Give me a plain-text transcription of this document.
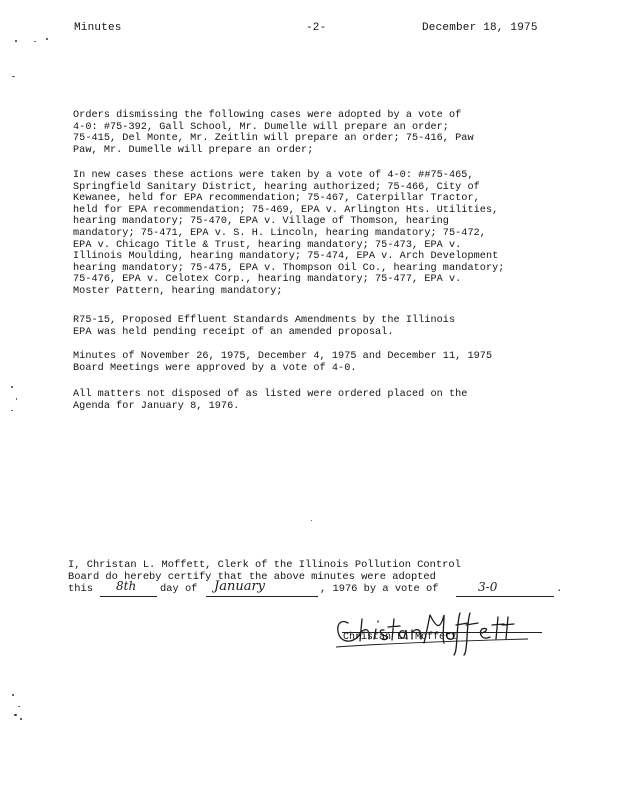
Minutes	-2-	December 18, 1975
Orders dismissing the following cases were adopted by a vote of
4-0: #75-392, Gall School, Mr. Dumelle will prepare an order;
75-415, Del Monte, Mr. Zeitlin will prepare an order; 75-416, Paw
Paw, Mr. Dumelle will prepare an order;
In new cases these actions were taken by a vote of 4-0: ##75-465,
Springfield Sanitary District, hearing authorized; 75-466, City of
Kewanee, held for EPA recommendation; 75-467, Caterpillar Tractor,
held for EPA recommendation; 75-469, EPA v. Arlington Hts. Utilities,
hearing mandatory; 75-470, EPA v. Village of Thomson, hearing
mandatory; 75-471, EPA v. S. H. Lincoln, hearing mandatory; 75-472,
EPA v. Chicago Title & Trust, hearing mandatory; 75-473, EPA v.
Illinois Moulding, hearing mandatory; 75-474, EPA v. Arch Development
hearing mandatory; 75-475, EPA v. Thompson Oil Co., hearing mandatory;
75-476, EPA v. Celotex Corp., hearing mandatory; 75-477, EPA v.
Moster Pattern, hearing mandatory;
R75-15, Proposed Effluent Standards Amendments by the Illinois
EPA was held pending receipt of an amended proposal.
Minutes of November 26, 1975, December 4, 1975 and December 11, 1975
Board Meetings were approved by a vote of 4-0.
All matters not disposed of as listed were ordered placed on the
Agenda for January 8, 1976.
I, Christan L. Moffett, Clerk of the Illinois Pollution Control
Board do hereby certify that the above minutes were adopted
this	8th day of	January	, 1976 by a vote of	3-0	.
Christan L. Moffett
